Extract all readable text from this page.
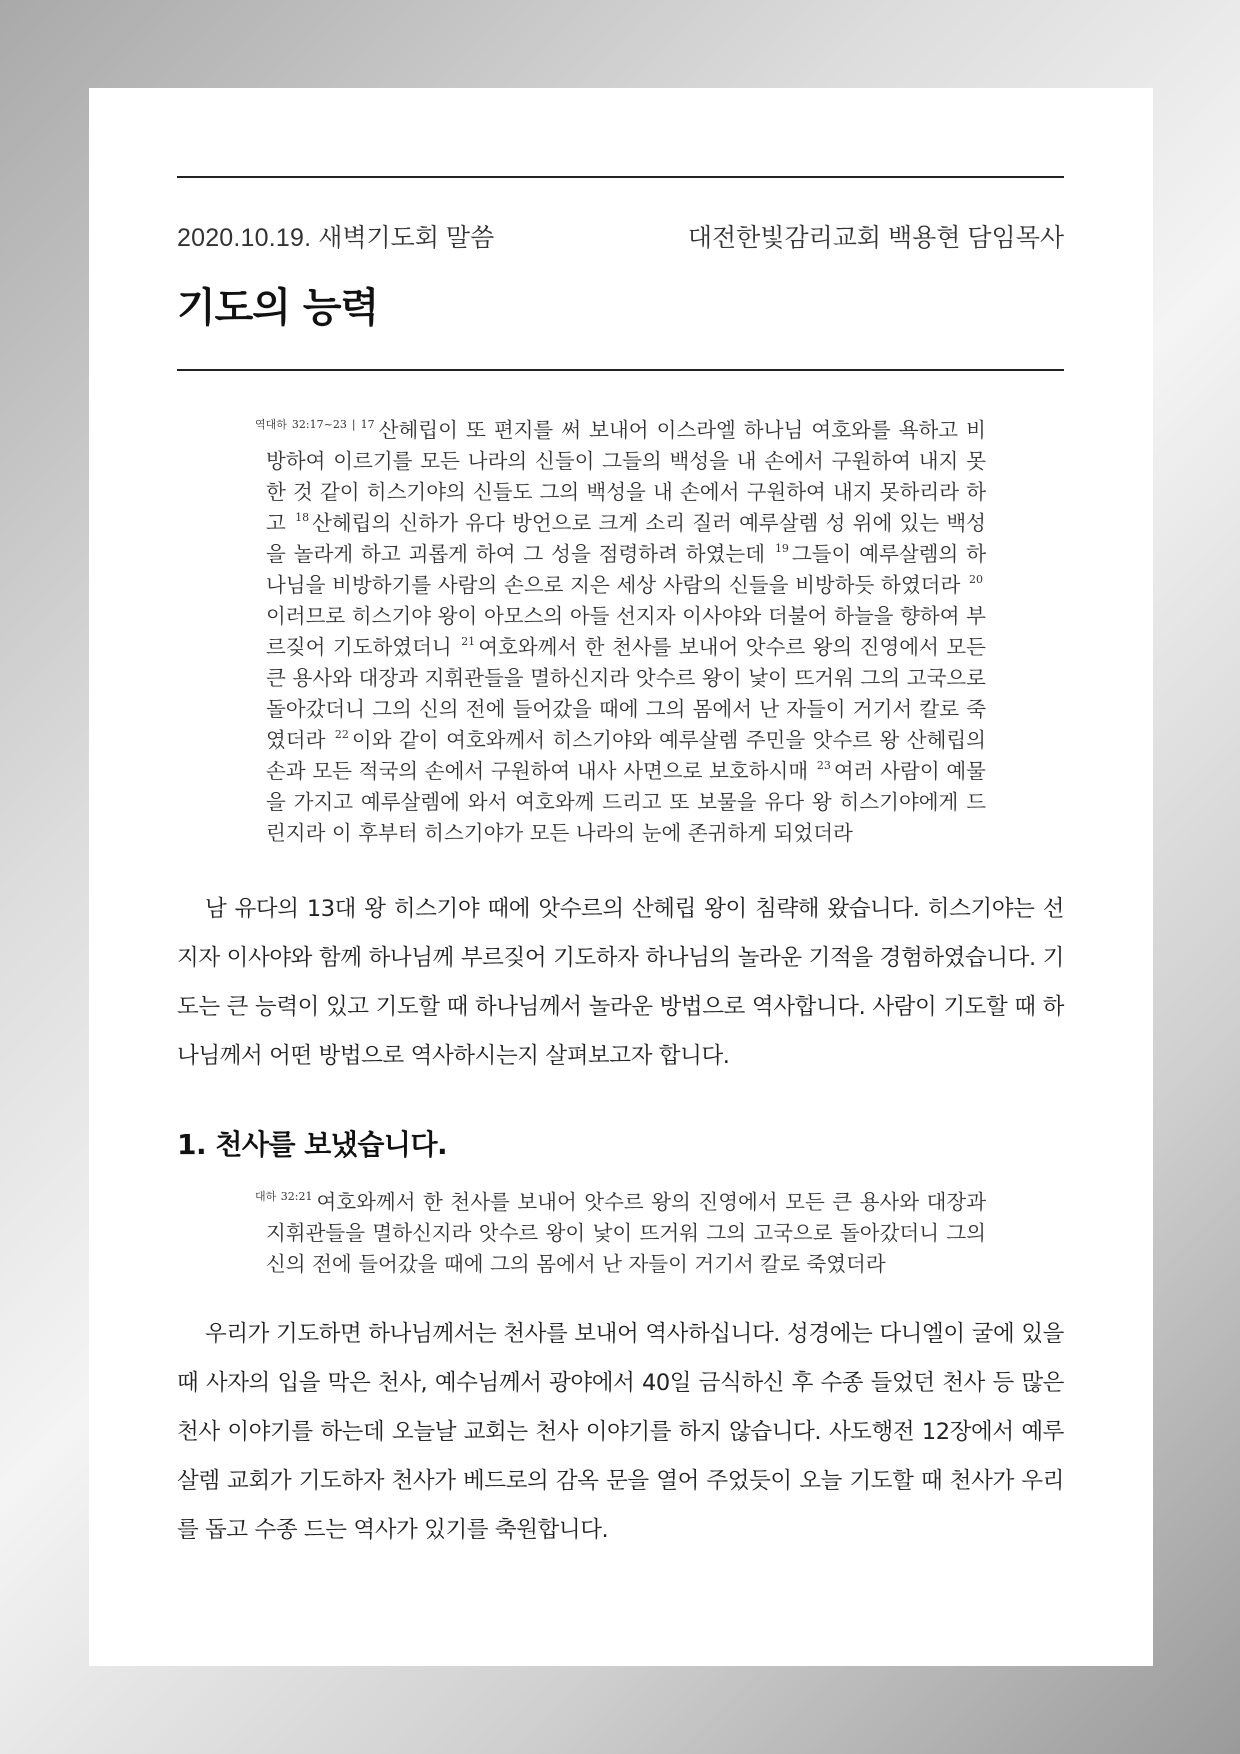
2020.10.19. 새벽기도회 말씀	대전한빛감리교회 백용현 담임목사
기도의 능력
$^{역대하 32:17\sim 23 | 17}$ 산헤립이 또 편지를 써 보내어 이스라엘 하나님 여호와를 욕하고 비방하여 이르기를 모든 나라의 신들이 그들의 백성을 내 손에서 구원하여 내지 못한 것 같이 히스기야의 신들도 그의 백성을 내 손에서 구원하여 내지 못하리라 하고 $^{18}$ 산헤립의 신하가 유다 방언으로 크게 소리 질러 예루살렘 성 위에 있는 백성을 놀라게 하고 괴롭게 하여 그 성을 점령하려 하였는데 $^{19}$ 그들이 예루살렘의 하나님을 비방하기를 사람의 손으로 지은 세상 사람의 신들을 비방하듯 하였더라 $^{20}$이러므로 히스기야 왕이 아모스의 아들 선지자 이사야와 더불어 하늘을 향하여 부르짖어 기도하였더니 $^{21}$ 여호와께서 한 천사를 보내어 앗수르 왕의 진영에서 모든 큰 용사와 대장과 지휘관들을 멸하신지라 앗수르 왕이 낯이 뜨거워 그의 고국으로 돌아갔더니 그의 신의 전에 들어갔을 때에 그의 몸에서 난 자들이 거기서 칼로 죽였더라 $^{22}$ 이와 같이 여호와께서 히스기야와 예루살렘 주민을 앗수르 왕 산헤립의 손과 모든 적국의 손에서 구원하여 내사 사면으로 보호하시매 $^{23}$ 여러 사람이 예물을 가지고 예루살렘에 와서 여호와께 드리고 또 보물을 유다 왕 히스기야에게 드린지라 이 후부터 히스기야가 모든 나라의 눈에 존귀하게 되었더라

남 유다의 13대 왕 히스기야 때에 앗수르의 산헤립 왕이 침략해 왔습니다. 히스기야는 선지자 이사야와 함께 하나님께 부르짖어 기도하자 하나님의 놀라운 기적을 경험하였습니다. 기도는 큰 능력이 있고 기도할 때 하나님께서 놀라운 방법으로 역사합니다. 사람이 기도할 때 하나님께서 어떤 방법으로 역사하시는지 살펴보고자 합니다.

1. 천사를 보냈습니다.
$^{대하 32:21}$ 여호와께서 한 천사를 보내어 앗수르 왕의 진영에서 모든 큰 용사와 대장과 지휘관들을 멸하신지라 앗수르 왕이 낯이 뜨거워 그의 고국으로 돌아갔더니 그의 신의 전에 들어갔을 때에 그의 몸에서 난 자들이 거기서 칼로 죽였더라

우리가 기도하면 하나님께서는 천사를 보내어 역사하십니다. 성경에는 다니엘이 굴에 있을 때 사자의 입을 막은 천사, 예수님께서 광야에서 40일 금식하신 후 수종 들었던 천사 등 많은 천사 이야기를 하는데 오늘날 교회는 천사 이야기를 하지 않습니다. 사도행전 12장에서 예루살렘 교회가 기도하자 천사가 베드로의 감옥 문을 열어 주었듯이 오늘 기도할 때 천사가 우리를 돕고 수종 드는 역사가 있기를 축원합니다.
